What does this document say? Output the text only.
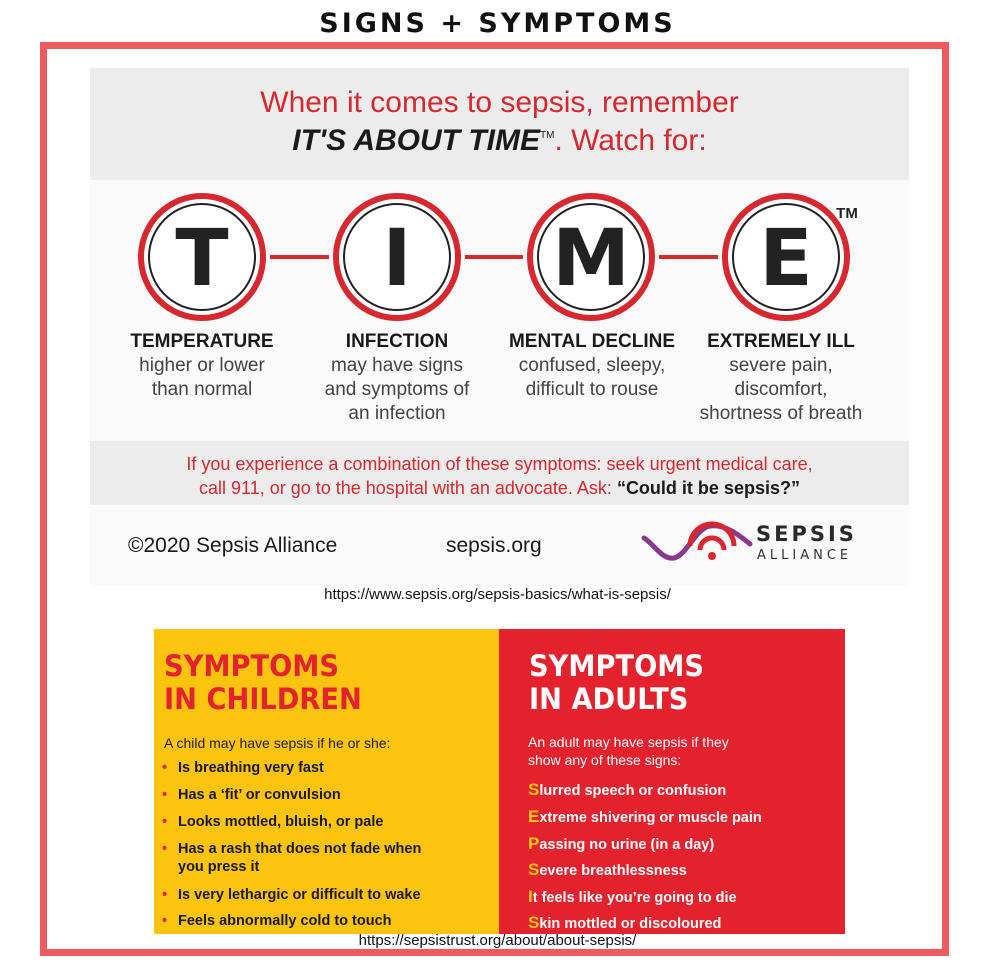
SIGNS + SYMPTOMS
When it comes to sepsis, remember
IT'S ABOUT TIME™. Watch for:
T I M E
TM
TEMPERATURE
higher or lower
than normal
INFECTION
may have signs
and symptoms of
an infection
MENTAL DECLINE
confused, sleepy,
difficult to rouse
EXTREMELY ILL
severe pain,
discomfort,
shortness of breath
If you experience a combination of these symptoms: seek urgent medical care,
call 911, or go to the hospital with an advocate. Ask: “Could it be sepsis?”
©2020 Sepsis Alliance	sepsis.org	SEPSIS
ALLIANCE
https://www.sepsis.org/sepsis-basics/what-is-sepsis/
SYMPTOMS
IN CHILDREN
SYMPTOMS
IN ADULTS
A child may have sepsis if he or she:	An adult may have sepsis if they
show any of these signs:
• Is breathing very fast
• Has a ‘fit’ or convulsion
• Looks mottled, bluish, or pale
• Has a rash that does not fade when you press it
• Is very lethargic or difficult to wake
• Feels abnormally cold to touch
Slurred speech or confusion
Extreme shivering or muscle pain
Passing no urine (in a day)
Severe breathlessness
It feels like you’re going to die
Skin mottled or discoloured
https://sepsistrust.org/about/about-sepsis/
